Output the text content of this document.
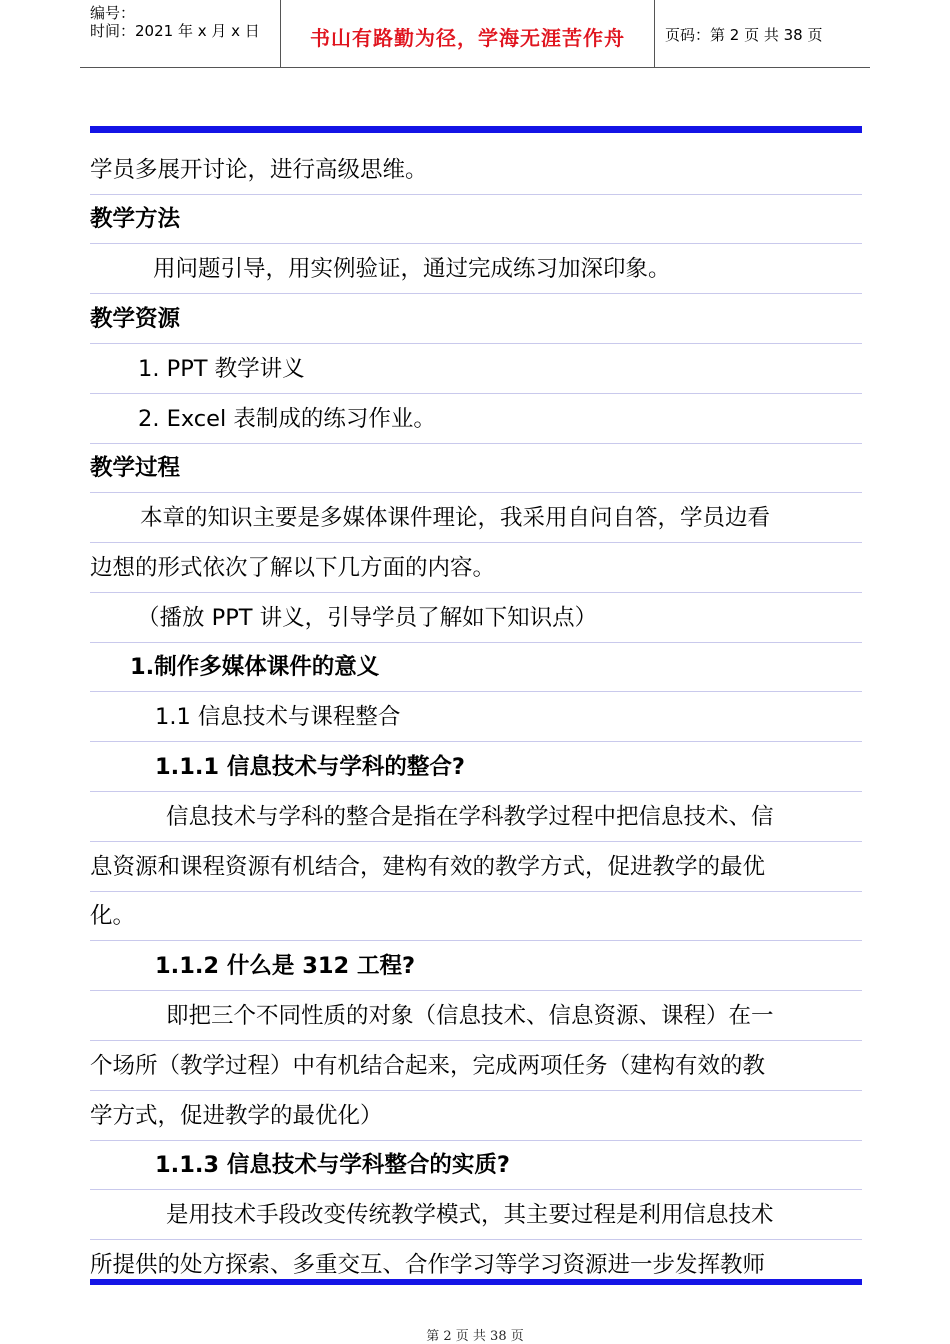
编号：
时间：2021 年 x 月 x 日	书山有路勤为径，学海无涯苦作舟	页码：第 2 页 共 38 页
学员多展开讨论，进行高级思维。
教学方法
用问题引导，用实例验证，通过完成练习加深印象。
教学资源
1. PPT 教学讲义
2. Excel 表制成的练习作业。
教学过程
本章的知识主要是多媒体课件理论，我采用自问自答，学员边看
边想的形式依次了解以下几方面的内容。
（播放 PPT 讲义，引导学员了解如下知识点）
1.制作多媒体课件的意义
1.1 信息技术与课程整合
1.1.1 信息技术与学科的整合?
信息技术与学科的整合是指在学科教学过程中把信息技术、信
息资源和课程资源有机结合，建构有效的教学方式，促进教学的最优
化。
1.1.2 什么是 312 工程?
即把三个不同性质的对象（信息技术、信息资源、课程）在一
个场所（教学过程）中有机结合起来，完成两项任务（建构有效的教
学方式，促进教学的最优化）
1.1.3 信息技术与学科整合的实质?
是用技术手段改变传统教学模式，其主要过程是利用信息技术
所提供的处方探索、多重交互、合作学习等学习资源进一步发挥教师
第 2 页 共 38 页
